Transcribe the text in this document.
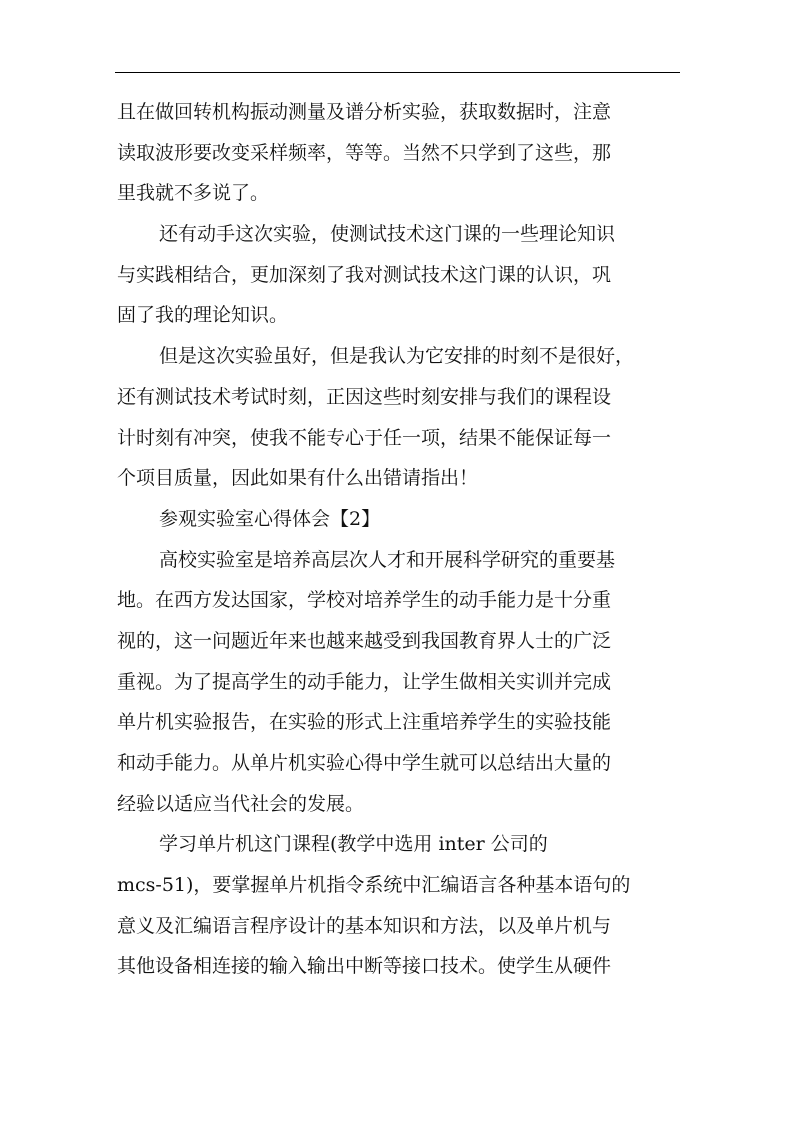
且在做回转机构振动测量及谱分析实验，获取数据时，注意
读取波形要改变采样频率，等等。当然不只学到了这些，那
里我就不多说了。
还有动手这次实验，使测试技术这门课的一些理论知识
与实践相结合，更加深刻了我对测试技术这门课的认识，巩
固了我的理论知识。
但是这次实验虽好，但是我认为它安排的时刻不是很好，
还有测试技术考试时刻，正因这些时刻安排与我们的课程设
计时刻有冲突，使我不能专心于任一项，结果不能保证每一
个项目质量，因此如果有什么出错请指出！
参观实验室心得体会【2】
高校实验室是培养高层次人才和开展科学研究的重要基
地。在西方发达国家，学校对培养学生的动手能力是十分重
视的，这一问题近年来也越来越受到我国教育界人士的广泛
重视。为了提高学生的动手能力，让学生做相关实训并完成
单片机实验报告，在实验的形式上注重培养学生的实验技能
和动手能力。从单片机实验心得中学生就可以总结出大量的
经验以适应当代社会的发展。
学习单片机这门课程(教学中选用 inter 公司的
mcs-51)，要掌握单片机指令系统中汇编语言各种基本语句的
意义及汇编语言程序设计的基本知识和方法，以及单片机与
其他设备相连接的输入输出中断等接口技术。使学生从硬件
